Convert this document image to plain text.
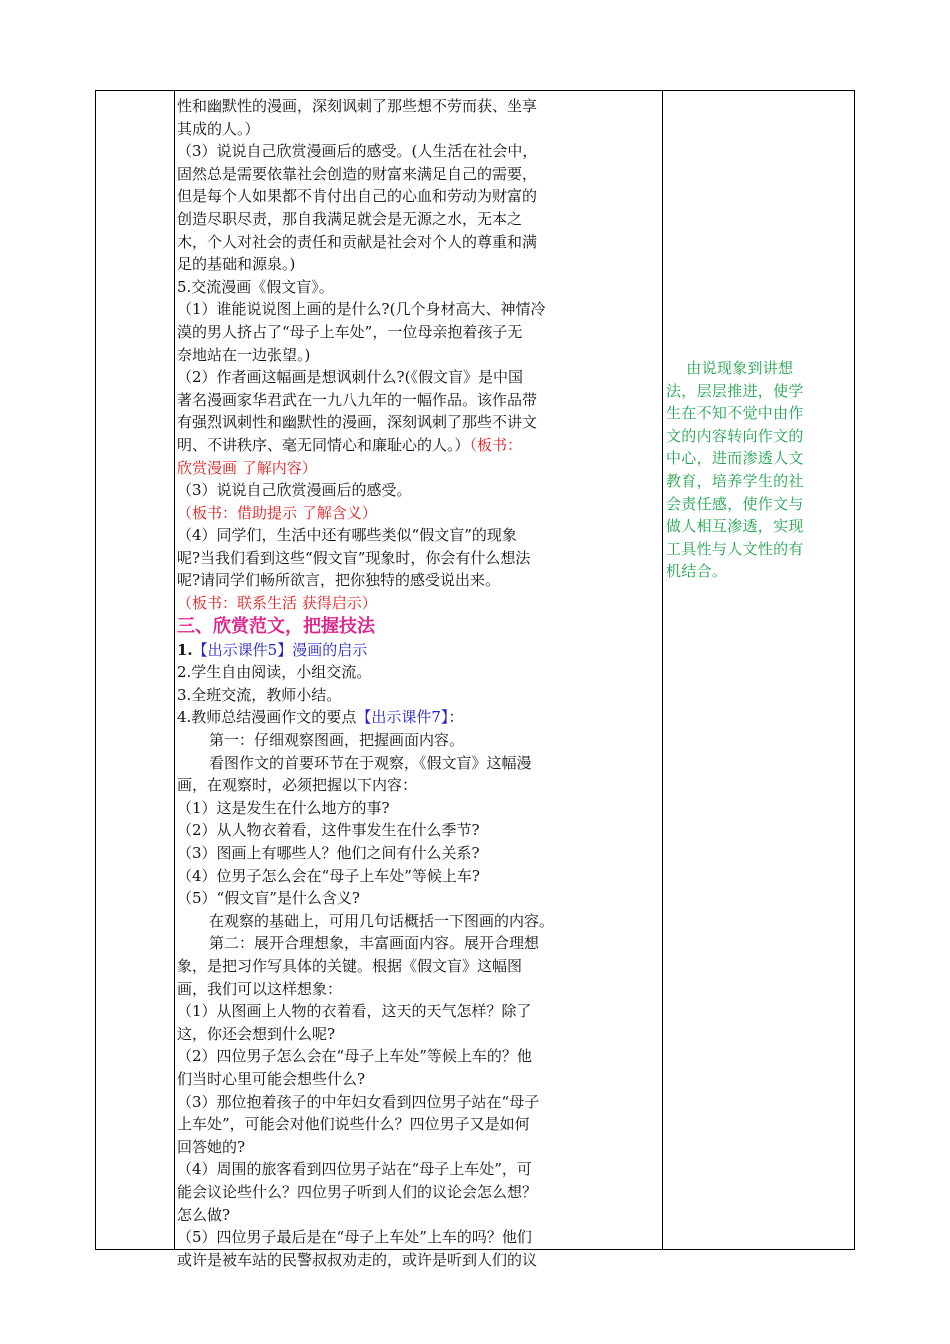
性和幽默性的漫画，深刻讽刺了那些想不劳而获、坐享

其成的人。）

（3）说说自己欣赏漫画后的感受。(人生活在社会中，

固然总是需要依靠社会创造的财富来满足自己的需要，

但是每个人如果都不肯付出自己的心血和劳动为财富的

创造尽职尽责，那自我满足就会是无源之水，无本之

木，个人对社会的责任和贡献是社会对个人的尊重和满

足的基础和源泉。)

5.交流漫画《假文盲》。

（1）谁能说说图上画的是什么?(几个身材高大、神情冷

漠的男人挤占了“母子上车处”，一位母亲抱着孩子无

奈地站在一边张望。)

（2）作者画这幅画是想讽刺什么?(《假文盲》是中国

著名漫画家华君武在一九八九年的一幅作品。该作品带

有强烈讽刺性和幽默性的漫画，深刻讽刺了那些不讲文

明、不讲秩序、毫无同情心和廉耻心的人。）（板书：

欣赏漫画 了解内容）

（3）说说自己欣赏漫画后的感受。

（板书：借助提示 了解含义）

（4）同学们，生活中还有哪些类似“假文盲”的现象

呢?当我们看到这些“假文盲”现象时，你会有什么想法

呢?请同学们畅所欲言，把你独特的感受说出来。

（板书：联系生活 获得启示）

三、欣赏范文，把握技法

1.【出示课件5】漫画的启示

2.学生自由阅读，小组交流。

3.全班交流，教师小结。

4.教师总结漫画作文的要点【出示课件7】：

第一：仔细观察图画，把握画面内容。

看图作文的首要环节在于观察，《假文盲》这幅漫

画，在观察时，必须把握以下内容：

（1）这是发生在什么地方的事?

（2）从人物衣着看，这件事发生在什么季节?

（3）图画上有哪些人？他们之间有什么关系?

（4）位男子怎么会在“母子上车处”等候上车?

（5）“假文盲”是什么含义?

在观察的基础上，可用几句话概括一下图画的内容。

第二：展开合理想象，丰富画面内容。展开合理想

象，是把习作写具体的关键。根据《假文盲》这幅图

画，我们可以这样想象：

（1）从图画上人物的衣着看，这天的天气怎样？除了

这，你还会想到什么呢?

（2）四位男子怎么会在“母子上车处”等候上车的？他

们当时心里可能会想些什么?

（3）那位抱着孩子的中年妇女看到四位男子站在“母子

上车处”，可能会对他们说些什么？四位男子又是如何

回答她的?

（4）周围的旅客看到四位男子站在“母子上车处”，可

能会议论些什么？四位男子听到人们的议论会怎么想？

怎么做?

（5）四位男子最后是在“母子上车处”上车的吗？他们

或许是被车站的民警叔叔劝走的，或许是听到人们的议

由说现象到讲想
法，层层推进，使学
生在不知不觉中由作
文的内容转向作文的
中心，进而渗透人文
教育，培养学生的社
会责任感，使作文与
做人相互渗透，实现
工具性与人文性的有
机结合。
